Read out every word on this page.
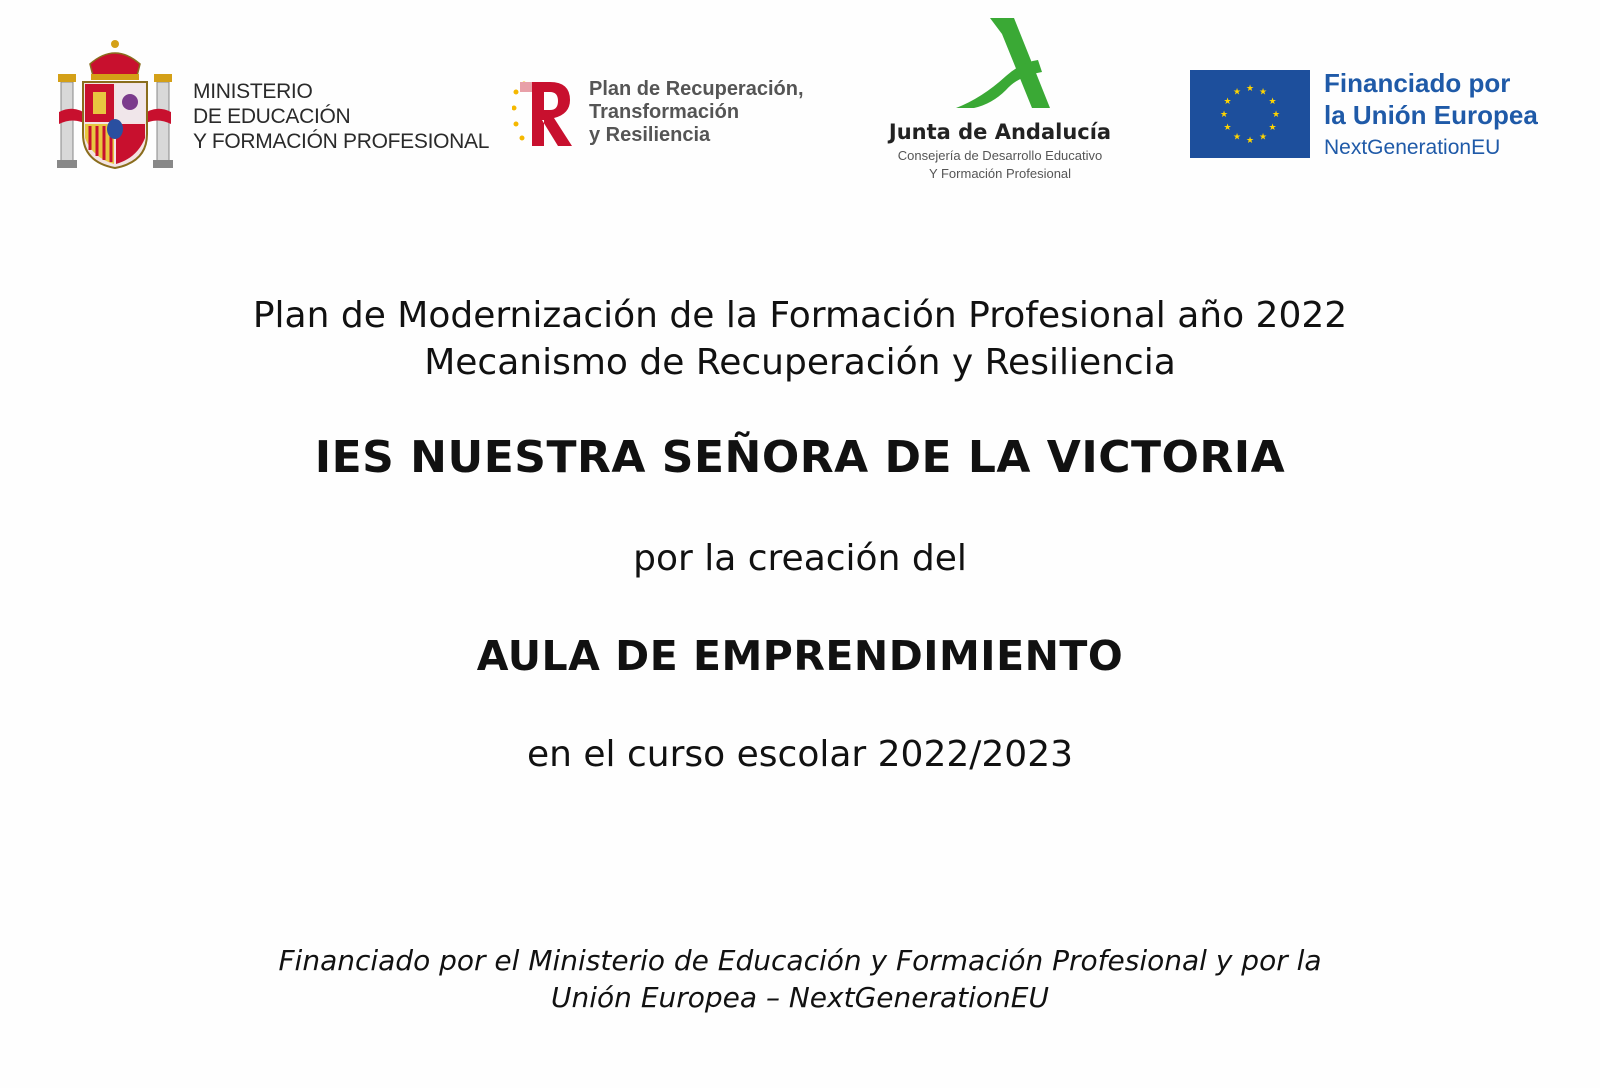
MINISTERIO
DE EDUCACIÓN
Y FORMACIÓN PROFESIONAL
Plan de Recuperación,
Transformación
y Resiliencia	Junta de Andalucía
Consejería de Desarrollo Educativo
Y Formación Profesional
★ ★
★
★
★
★
★
★
★
★
★
★	Financiado por
la Unión Europea
NextGenerationEU
Plan de Modernización de la Formación Profesional año 2022
Mecanismo de Recuperación y Resiliencia
IES NUESTRA SEÑORA DE LA VICTORIA
por la creación del
AULA DE EMPRENDIMIENTO
en el curso escolar 2022/2023
Financiado por el Ministerio de Educación y Formación Profesional y por la
Unión Europea – NextGenerationEU
